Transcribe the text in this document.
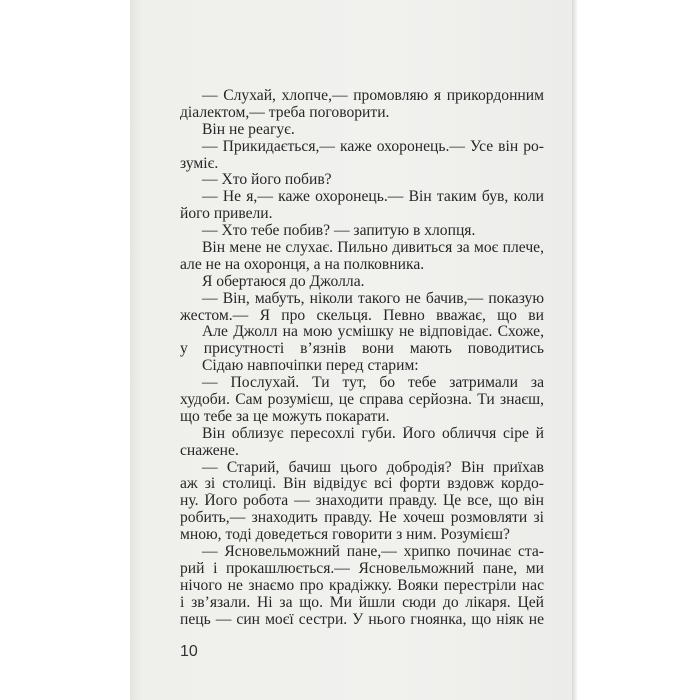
— Слухай, хлопче,— промовляю я прикордонним
діалектом,— треба поговорити.
Він не реагує.
— Прикидається,— каже охоронець.— Усе він ро-
зуміє.
— Хто його побив?
— Не я,— каже охоронець.— Він таким був, коли
його привели.
— Хто тебе побив? — запитую в хлопця.
Він мене не слухає. Пильно дивиться за моє плече,
але не на охоронця, а на полковника.
Я обертаюся до Джолла.
— Він, мабуть, ніколи такого не бачив,— показую
жестом.— Я про скельця. Певно вважає, що ви
Але Джолл на мою усмішку не відповідає. Схоже,
у присутності вʼязнів вони мають поводитись
Сідаю навпочіпки перед старим:
— Послухай. Ти тут, бо тебе затримали за
худоби. Сам розумієш, це справа серйозна. Ти знаєш,
що тебе за це можуть покарати.
Він облизує пересохлі губи. Його обличчя сіре й
снажене.
— Старий, бачиш цього добродія? Він приїхав
аж зі столиці. Він відвідує всі форти вздовж кордо-
ну. Його робота — знаходити правду. Це все, що він
робить,— знаходить правду. Не хочеш розмовляти зі
мною, тоді доведеться говорити з ним. Розумієш?
— Ясновельможний пане,— хрипко починає ста-
рий і прокашлюється.— Ясновельможний пане, ми
нічого не знаємо про крадіжку. Вояки перестріли нас
і звʼязали. Ні за що. Ми йшли сюди до лікаря. Цей
пець — син моєї сестри. У нього гноянка, що ніяк не
10
